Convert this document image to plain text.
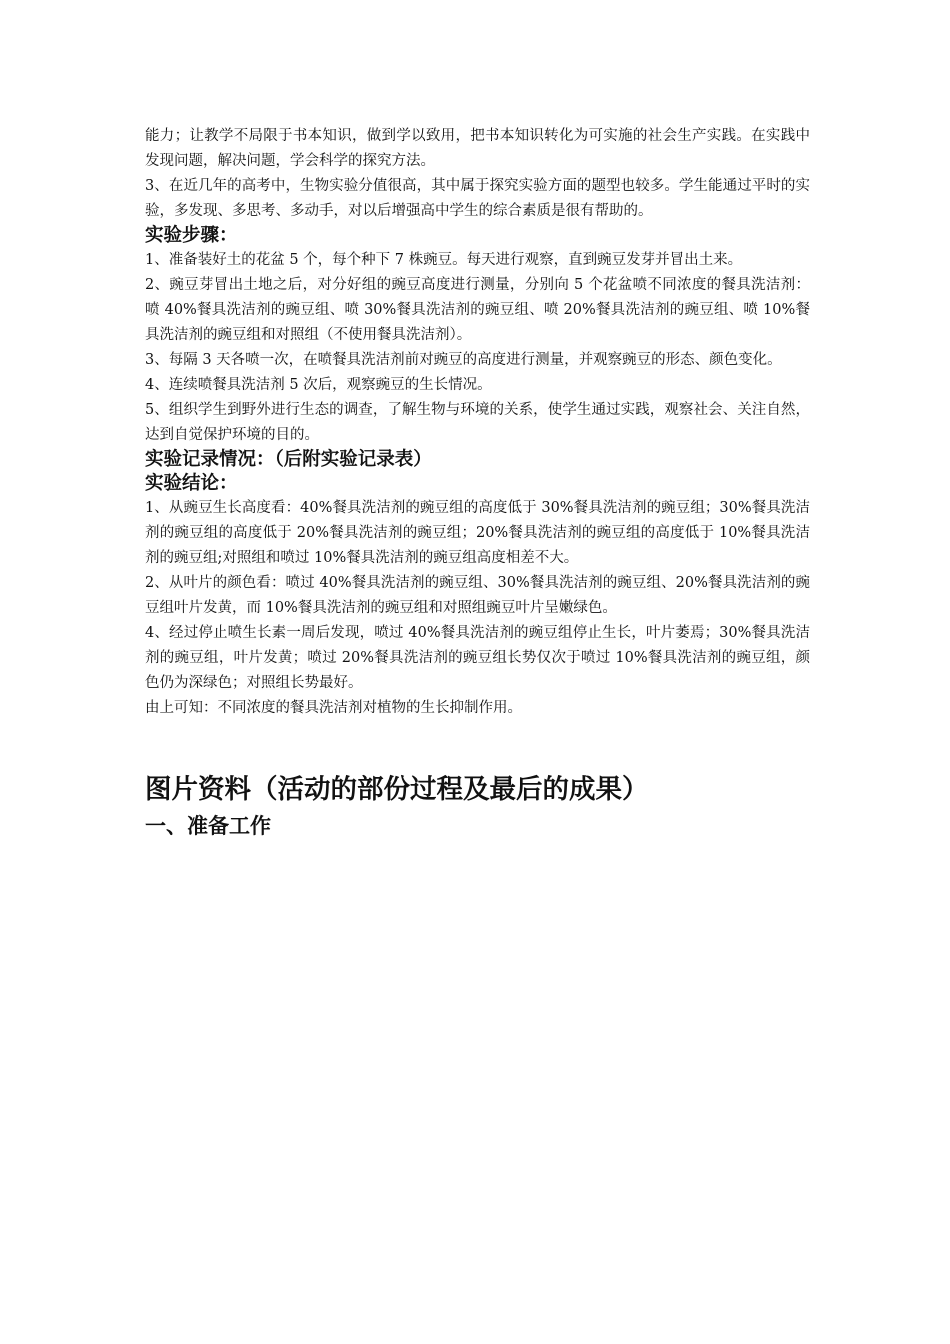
能力；让教学不局限于书本知识，做到学以致用，把书本知识转化为可实施的社会生产实践。在实践中发现问题，解决问题，学会科学的探究方法。

3、在近几年的高考中，生物实验分值很高，其中属于探究实验方面的题型也较多。学生能通过平时的实验，多发现、多思考、多动手，对以后增强高中学生的综合素质是很有帮助的。

实验步骤：

1、准备装好土的花盆 5 个，每个种下 7 株豌豆。每天进行观察，直到豌豆发芽并冒出土来。

2、豌豆芽冒出土地之后，对分好组的豌豆高度进行测量，分别向 5 个花盆喷不同浓度的餐具洗洁剂：喷 40%餐具洗洁剂的豌豆组、喷 30%餐具洗洁剂的豌豆组、喷 20%餐具洗洁剂的豌豆组、喷 10%餐具洗洁剂的豌豆组和对照组（不使用餐具洗洁剂）。

3、每隔 3 天各喷一次，在喷餐具洗洁剂前对豌豆的高度进行测量，并观察豌豆的形态、颜色变化。

4、连续喷餐具洗洁剂 5 次后，观察豌豆的生长情况。

5、组织学生到野外进行生态的调查，了解生物与环境的关系，使学生通过实践，观察社会、关注自然，达到自觉保护环境的目的。

实验记录情况：（后附实验记录表）
实验结论：

1、从豌豆生长高度看：40%餐具洗洁剂的豌豆组的高度低于 30%餐具洗洁剂的豌豆组；30%餐具洗洁剂的豌豆组的高度低于 20%餐具洗洁剂的豌豆组；20%餐具洗洁剂的豌豆组的高度低于 10%餐具洗洁剂的豌豆组;对照组和喷过 10%餐具洗洁剂的豌豆组高度相差不大。

2、从叶片的颜色看：喷过 40%餐具洗洁剂的豌豆组、30%餐具洗洁剂的豌豆组、20%餐具洗洁剂的豌豆组叶片发黄，而 10%餐具洗洁剂的豌豆组和对照组豌豆叶片呈嫩绿色。

4、经过停止喷生长素一周后发现，喷过 40%餐具洗洁剂的豌豆组停止生长，叶片萎焉；30%餐具洗洁剂的豌豆组，叶片发黄；喷过 20%餐具洗洁剂的豌豆组长势仅次于喷过 10%餐具洗洁剂的豌豆组，颜色仍为深绿色；对照组长势最好。

由上可知：不同浓度的餐具洗洁剂对植物的生长抑制作用。

图片资料（活动的部份过程及最后的成果）
一、准备工作
